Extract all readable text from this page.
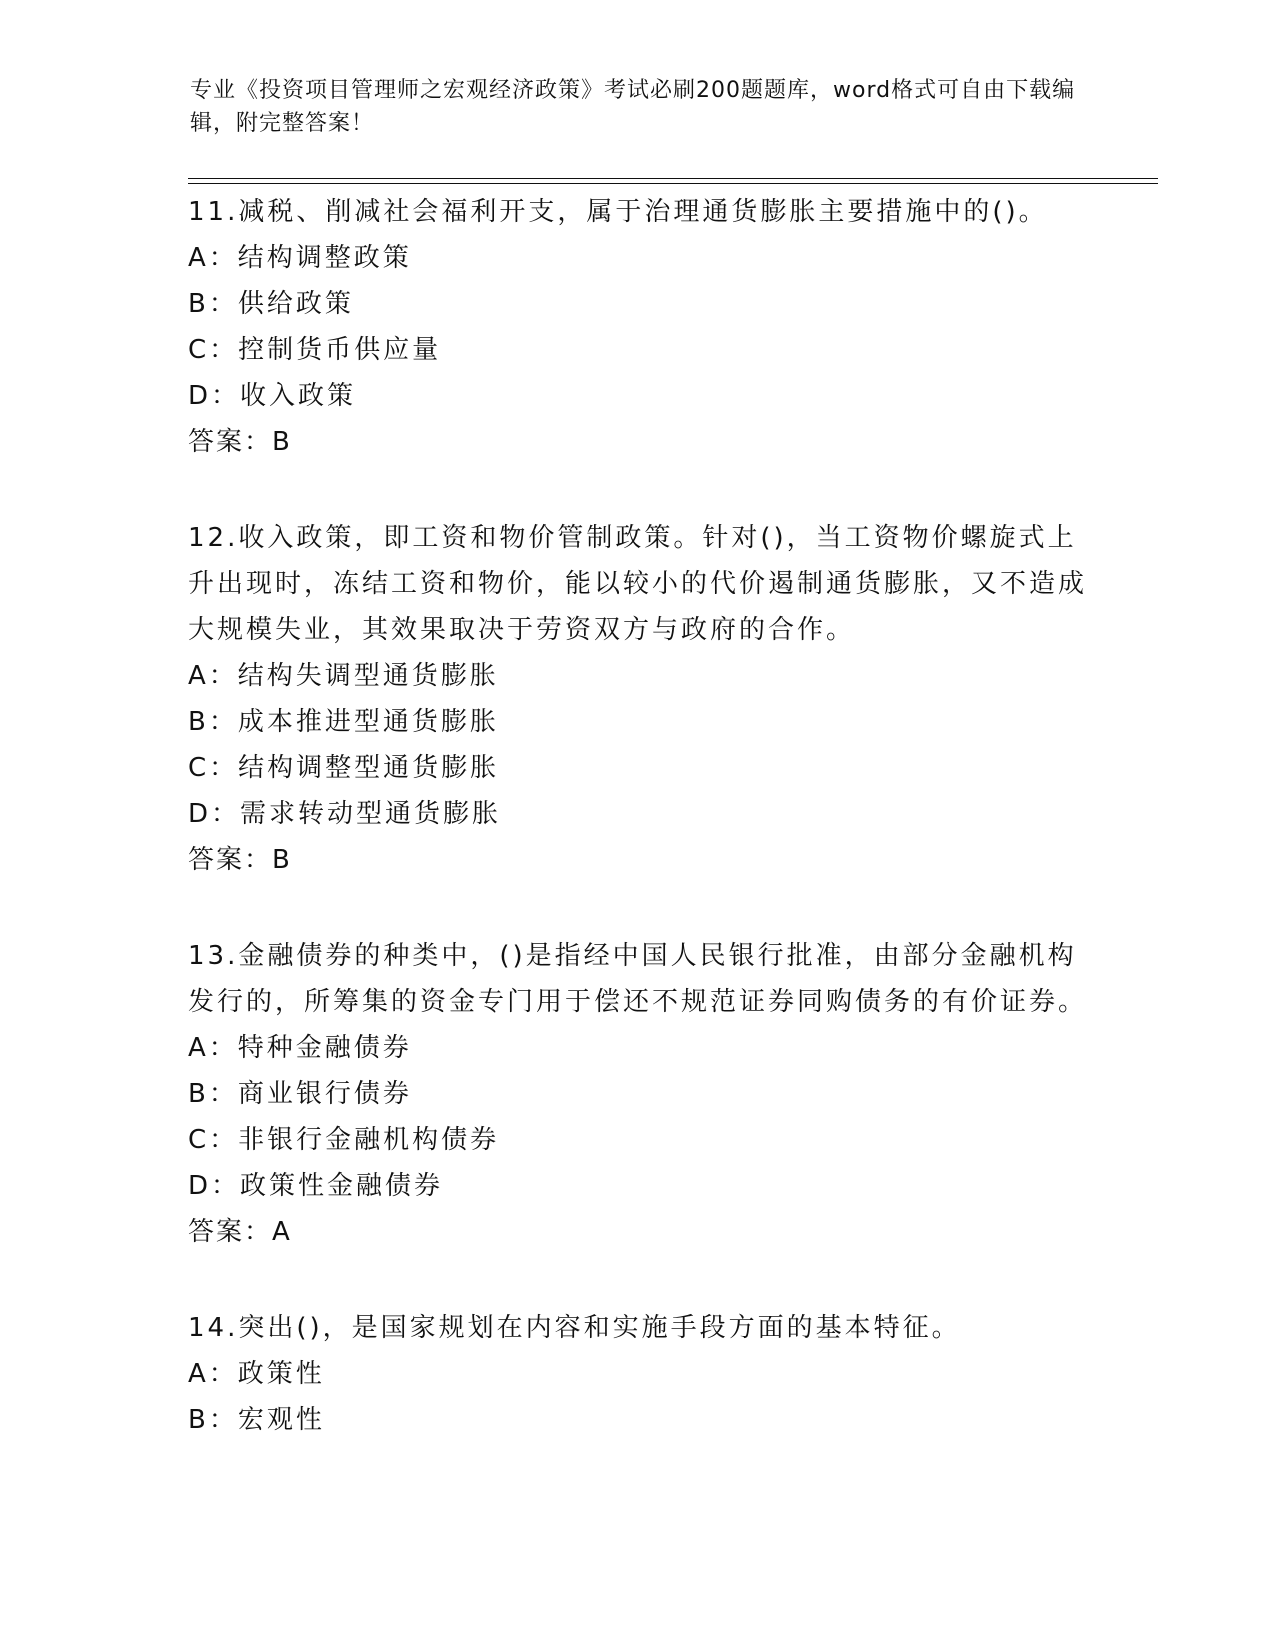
专业《投资项目管理师之宏观经济政策》考试必刷200题题库，word格式可自由下载编辑，附完整答案！

11.减税、削减社会福利开支，属于治理通货膨胀主要措施中的()。

A：结构调整政策
B：供给政策
C：控制货币供应量
D：收入政策
答案：B

12.收入政策，即工资和物价管制政策。针对()，当工资物价螺旋式上升出现时，冻结工资和物价，能以较小的代价遏制通货膨胀，又不造成大规模失业，其效果取决于劳资双方与政府的合作。

A：结构失调型通货膨胀
B：成本推进型通货膨胀
C：结构调整型通货膨胀
D：需求转动型通货膨胀
答案：B

13.金融债券的种类中，()是指经中国人民银行批准，由部分金融机构发行的，所筹集的资金专门用于偿还不规范证券同购债务的有价证券。

A：特种金融债券
B：商业银行债券
C：非银行金融机构债券
D：政策性金融债券
答案：A

14.突出()，是国家规划在内容和实施手段方面的基本特征。

A：政策性
B：宏观性
